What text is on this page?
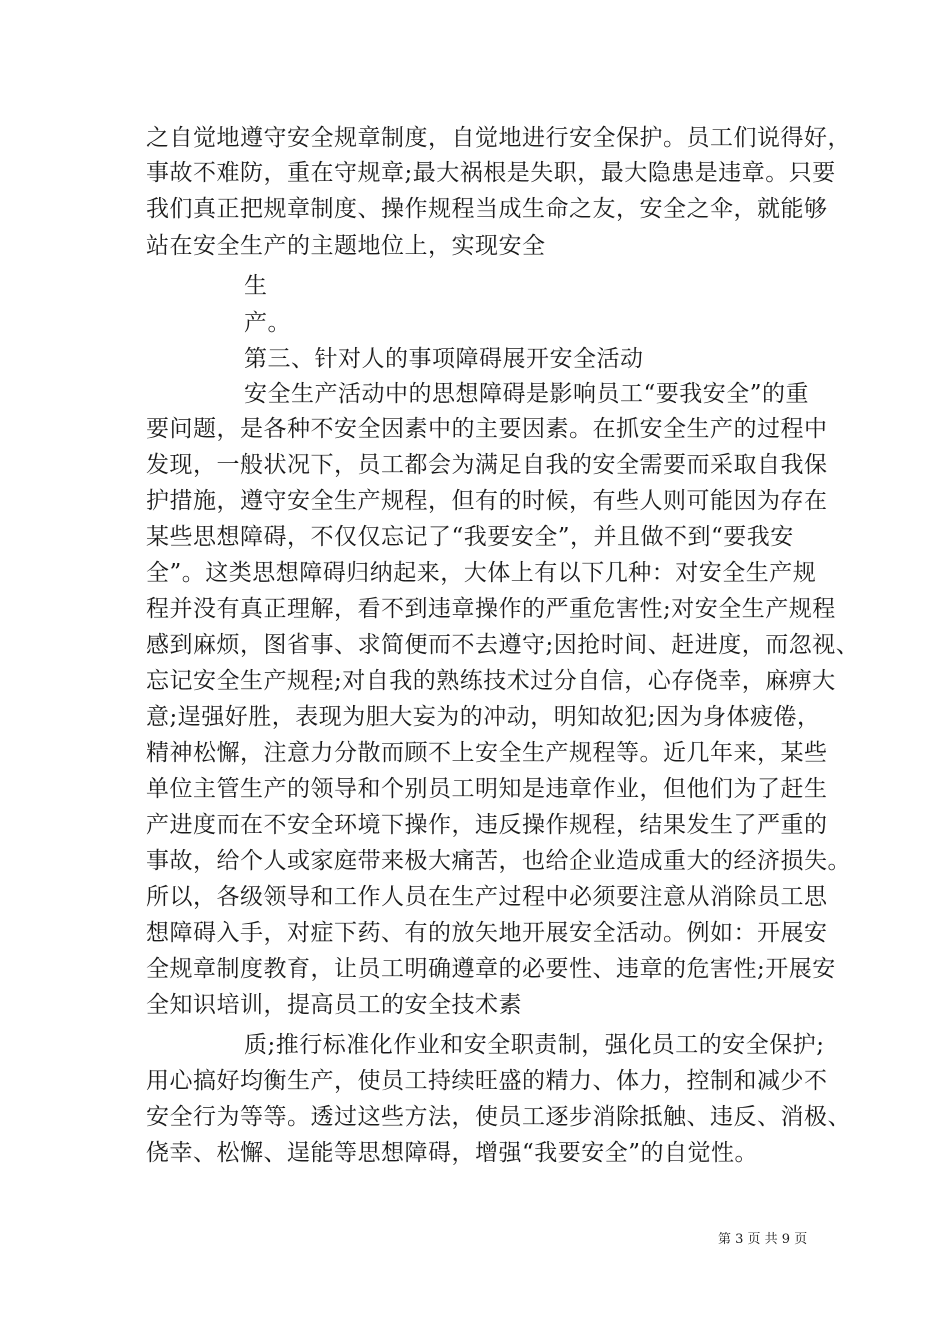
之自觉地遵守安全规章制度，自觉地进行安全保护。员工们说得好，
事故不难防，重在守规章;最大祸根是失职，最大隐患是违章。只要
我们真正把规章制度、操作规程当成生命之友，安全之伞，就能够
站在安全生产的主题地位上，实现安全
生
产。
第三、针对人的事项障碍展开安全活动
安全生产活动中的思想障碍是影响员工“要我安全”的重
要问题，是各种不安全因素中的主要因素。在抓安全生产的过程中
发现，一般状况下，员工都会为满足自我的安全需要而采取自我保
护措施，遵守安全生产规程，但有的时候，有些人则可能因为存在
某些思想障碍，不仅仅忘记了“我要安全”，并且做不到“要我安
全”。这类思想障碍归纳起来，大体上有以下几种：对安全生产规
程并没有真正理解，看不到违章操作的严重危害性;对安全生产规程
感到麻烦，图省事、求简便而不去遵守;因抢时间、赶进度，而忽视、
忘记安全生产规程;对自我的熟练技术过分自信，心存侥幸，麻痹大
意;逞强好胜，表现为胆大妄为的冲动，明知故犯;因为身体疲倦，
精神松懈，注意力分散而顾不上安全生产规程等。近几年来，某些
单位主管生产的领导和个别员工明知是违章作业，但他们为了赶生
产进度而在不安全环境下操作，违反操作规程，结果发生了严重的
事故，给个人或家庭带来极大痛苦，也给企业造成重大的经济损失。
所以，各级领导和工作人员在生产过程中必须要注意从消除员工思
想障碍入手，对症下药、有的放矢地开展安全活动。例如：开展安
全规章制度教育，让员工明确遵章的必要性、违章的危害性;开展安
全知识培训，提高员工的安全技术素
质;推行标准化作业和安全职责制，强化员工的安全保护;
用心搞好均衡生产，使员工持续旺盛的精力、体力，控制和减少不
安全行为等等。透过这些方法，使员工逐步消除抵触、违反、消极、
侥幸、松懈、逞能等思想障碍，增强“我要安全”的自觉性。
第 3 页 共 9 页
